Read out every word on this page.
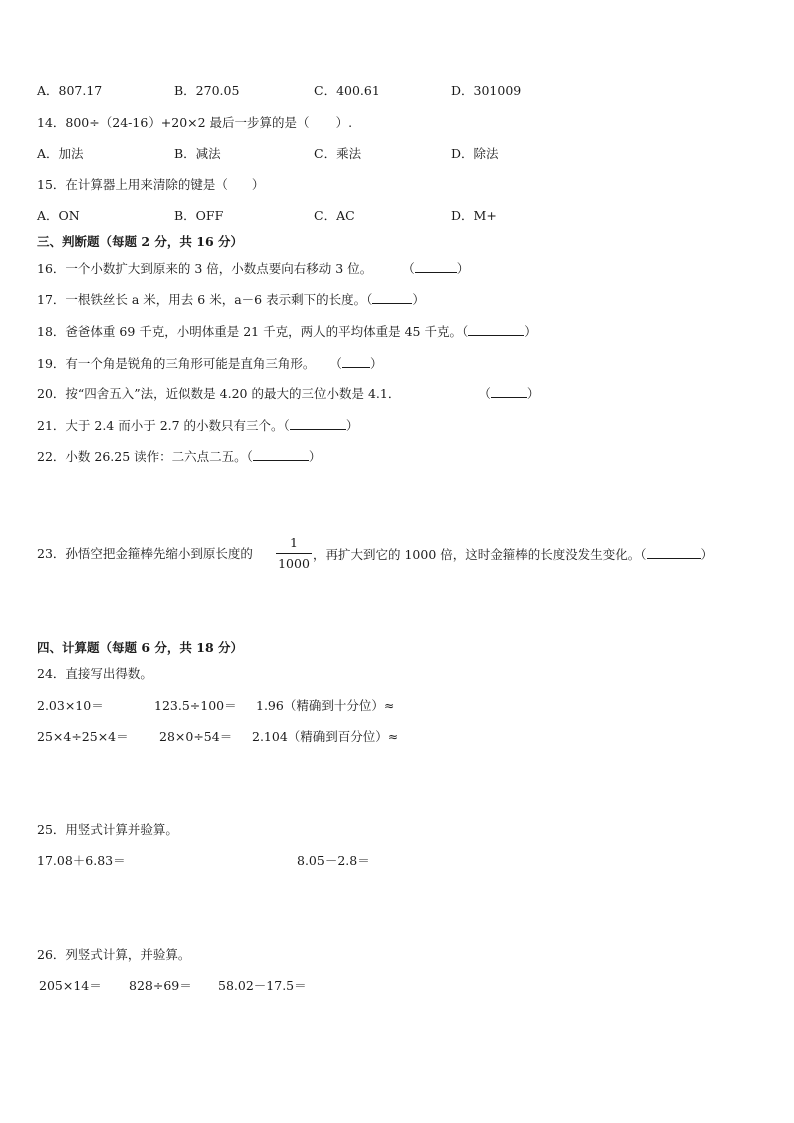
A．807.17	B．270.05	C．400.61	D．301009
14．800÷（24-16）+20×2 最后一步算的是（ ）.
A．加法	B．减法	C．乘法	D．除法
15．在计算器上用来清除的键是（ ）
A．ON	B．OFF	C．AC	D．M+
三、判断题（每题 2 分，共 16 分）
16．一个小数扩大到原来的 3 倍，小数点要向右移动 3 位。 （	）
17．一根铁丝长 a 米，用去 6 米，a－6 表示剩下的长度。（	）
18．爸爸体重 69 千克，小明体重是 21 千克，两人的平均体重是 45 千克。（	）
19．有一个角是锐角的三角形可能是直角三角形。 （ ）
20．按“四舍五入”法，近似数是 4.20 的最大的三位小数是 4.1．	（	）
21．大于 2.4 而小于 2.7 的小数只有三个。（	）
22．小数 26.25 读作：二六点二五。（	）
23．孙悟空把金箍棒先缩小到原长度的
1
1000
，再扩大到它的 1000 倍，这时金箍棒的长度没发生变化。（	）
四、计算题（每题 6 分，共 18 分）
24．直接写出得数。
2.03×10＝	123.5÷100＝ 1.96（精确到十分位）≈
25×4÷25×4＝ 28×0÷54＝ 2.104（精确到百分位）≈
25．用竖式计算并验算。
17.08＋6.83＝	8.05－2.8＝
26．列竖式计算，并验算。
205×14＝ 828÷69＝ 58.02－17.5＝
